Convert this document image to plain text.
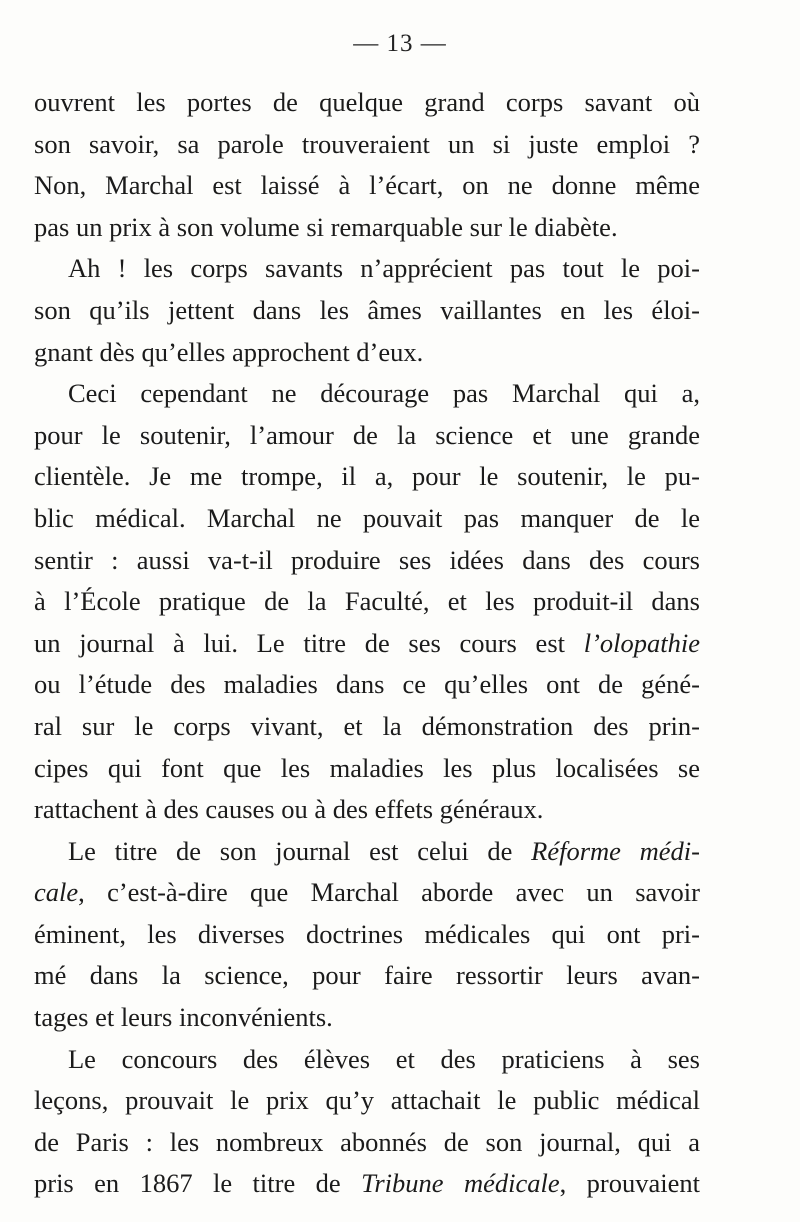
— 13 —
ouvrent les portes de quelque grand corps savant où
son savoir, sa parole trouveraient un si juste emploi ?
Non, Marchal est laissé à l’écart, on ne donne même
pas un prix à son volume si remarquable sur le diabète.
Ah ! les corps savants n’apprécient pas tout le poi-
son qu’ils jettent dans les âmes vaillantes en les éloi-
gnant dès qu’elles approchent d’eux.
Ceci cependant ne décourage pas Marchal qui a,
pour le soutenir, l’amour de la science et une grande
clientèle. Je me trompe, il a, pour le soutenir, le pu-
blic médical. Marchal ne pouvait pas manquer de le
sentir : aussi va-t-il produire ses idées dans des cours
à l’École pratique de la Faculté, et les produit-il dans
un journal à lui. Le titre de ses cours est l’olopathie
ou l’étude des maladies dans ce qu’elles ont de géné-
ral sur le corps vivant, et la démonstration des prin-
cipes qui font que les maladies les plus localisées se
rattachent à des causes ou à des effets généraux.
Le titre de son journal est celui de Réforme médi-
cale, c’est-à-dire que Marchal aborde avec un savoir
éminent, les diverses doctrines médicales qui ont pri-
mé dans la science, pour faire ressortir leurs avan-
tages et leurs inconvénients.
Le concours des élèves et des praticiens à ses
leçons, prouvait le prix qu’y attachait le public médical
de Paris : les nombreux abonnés de son journal, qui a
pris en 1867 le titre de Tribune médicale, prouvaient
